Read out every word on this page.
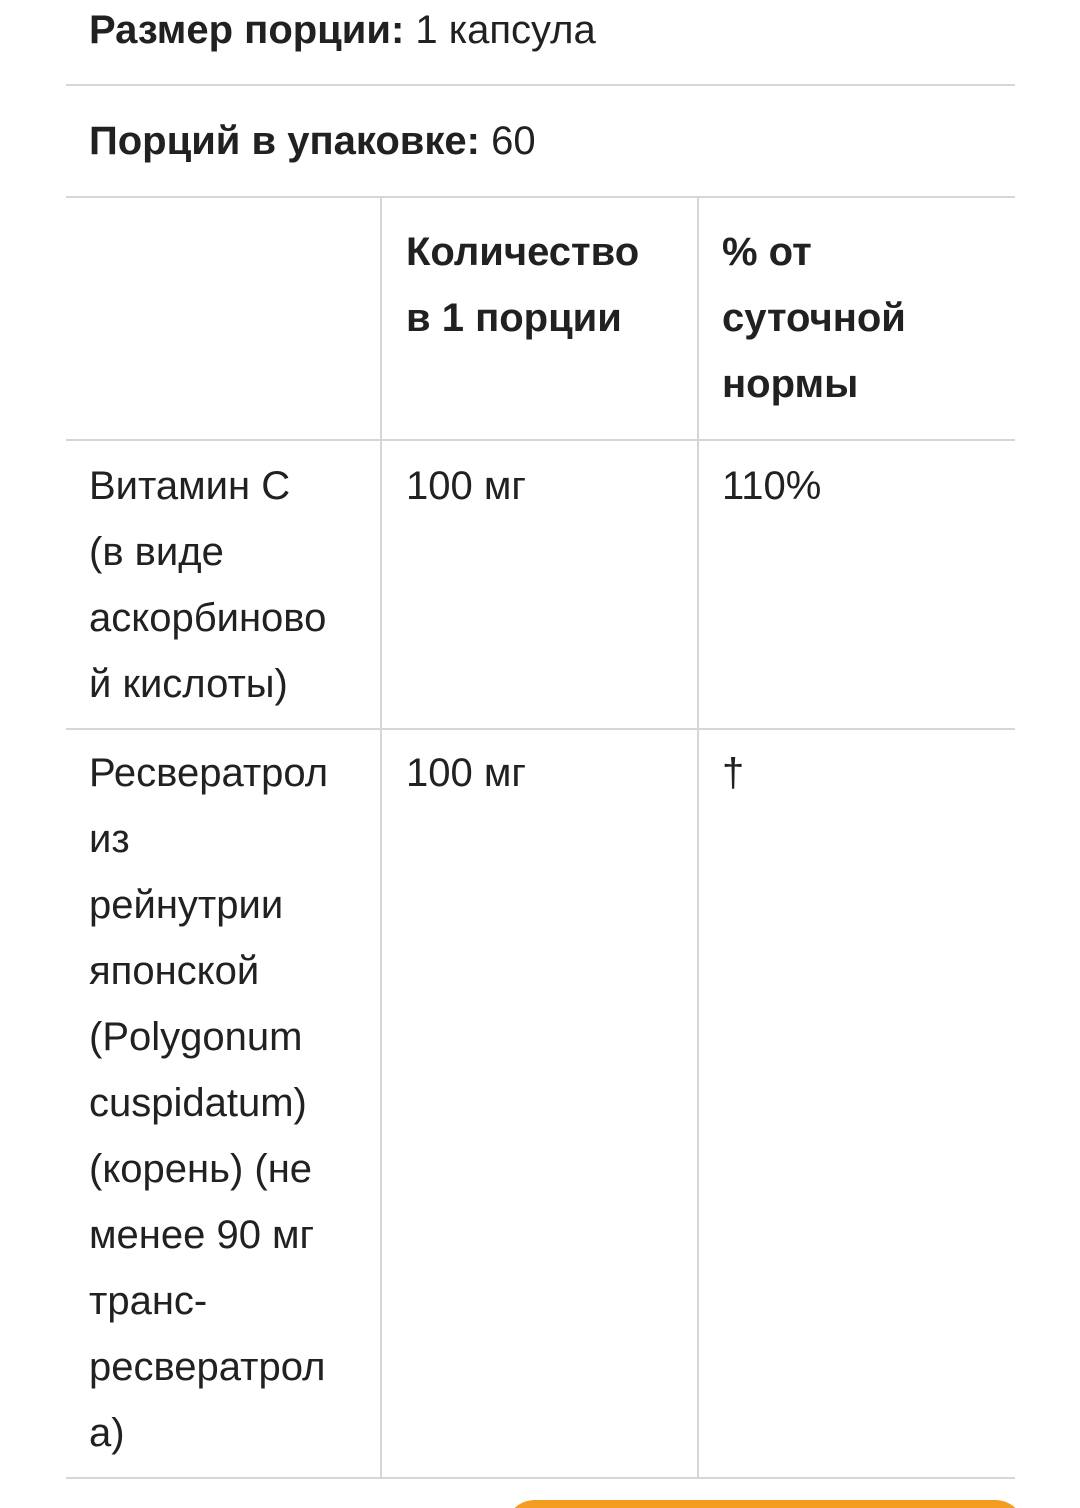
Размер порции: 1 капсула
Порций в упаковке: 60
Количество
в 1 порции
% от
суточной
нормы
Витамин C
(в виде
аскорбиново
й кислоты)
100 мг	110%
Ресвератрол
из
рейнутрии
японской
(Polygonum
cuspidatum)
(корень) (не
менее 90 мг
транс-
ресвератрол
а)
100 мг	†
